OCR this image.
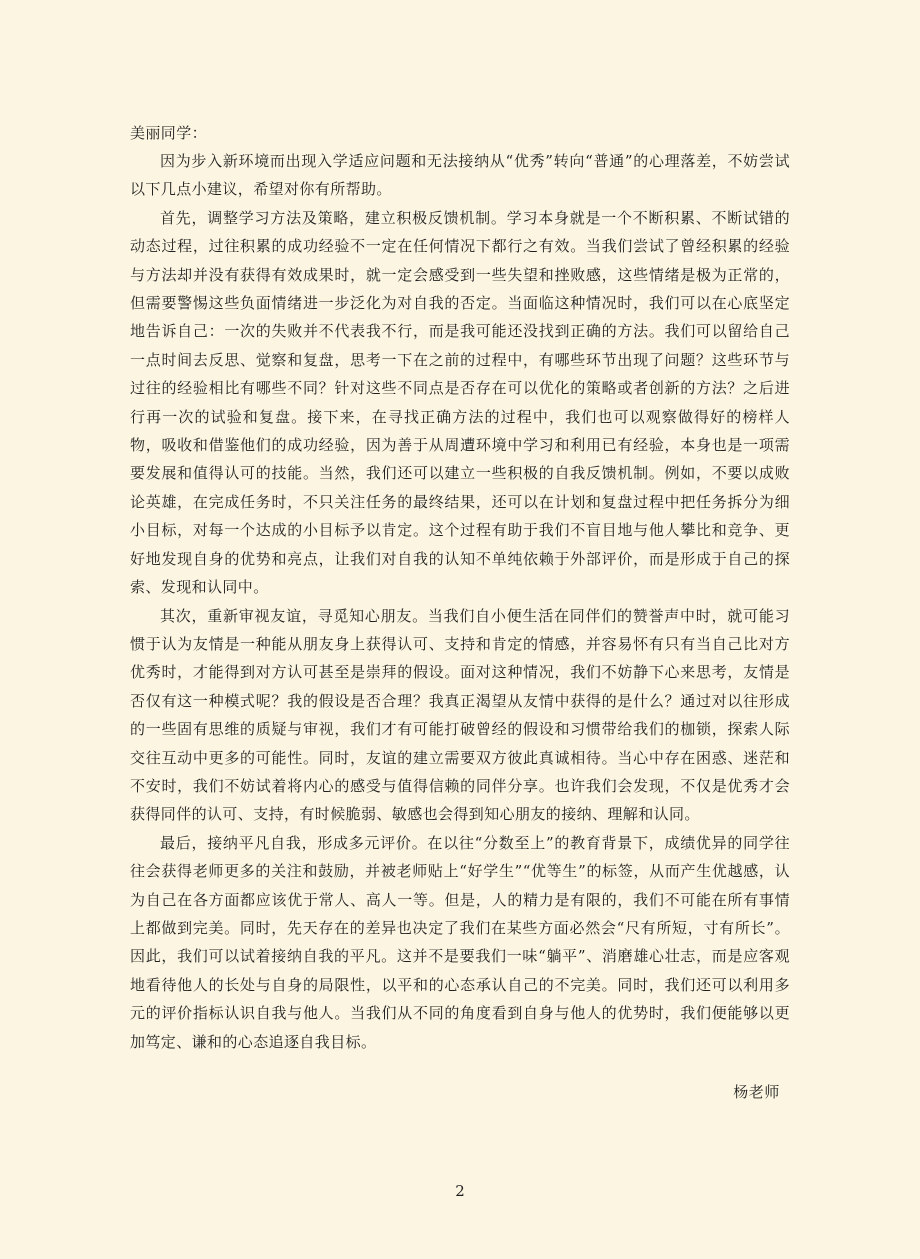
美丽同学：

因为步入新环境而出现入学适应问题和无法接纳从“优秀”转向“普通”的心理落差，不妨尝试以下几点小建议，希望对你有所帮助。

首先，调整学习方法及策略，建立积极反馈机制。学习本身就是一个不断积累、不断试错的动态过程，过往积累的成功经验不一定在任何情况下都行之有效。当我们尝试了曾经积累的经验与方法却并没有获得有效成果时，就一定会感受到一些失望和挫败感，这些情绪是极为正常的，但需要警惕这些负面情绪进一步泛化为对自我的否定。当面临这种情况时，我们可以在心底坚定地告诉自己：一次的失败并不代表我不行，而是我可能还没找到正确的方法。我们可以留给自己一点时间去反思、觉察和复盘，思考一下在之前的过程中，有哪些环节出现了问题？这些环节与过往的经验相比有哪些不同？针对这些不同点是否存在可以优化的策略或者创新的方法？之后进行再一次的试验和复盘。接下来，在寻找正确方法的过程中，我们也可以观察做得好的榜样人物，吸收和借鉴他们的成功经验，因为善于从周遭环境中学习和利用已有经验，本身也是一项需要发展和值得认可的技能。当然，我们还可以建立一些积极的自我反馈机制。例如，不要以成败论英雄，在完成任务时，不只关注任务的最终结果，还可以在计划和复盘过程中把任务拆分为细小目标，对每一个达成的小目标予以肯定。这个过程有助于我们不盲目地与他人攀比和竞争、更好地发现自身的优势和亮点，让我们对自我的认知不单纯依赖于外部评价，而是形成于自己的探索、发现和认同中。

其次，重新审视友谊，寻觅知心朋友。当我们自小便生活在同伴们的赞誉声中时，就可能习惯于认为友情是一种能从朋友身上获得认可、支持和肯定的情感，并容易怀有只有当自己比对方优秀时，才能得到对方认可甚至是崇拜的假设。面对这种情况，我们不妨静下心来思考，友情是否仅有这一种模式呢？我的假设是否合理？我真正渴望从友情中获得的是什么？通过对以往形成的一些固有思维的质疑与审视，我们才有可能打破曾经的假设和习惯带给我们的枷锁，探索人际交往互动中更多的可能性。同时，友谊的建立需要双方彼此真诚相待。当心中存在困惑、迷茫和不安时，我们不妨试着将内心的感受与值得信赖的同伴分享。也许我们会发现，不仅是优秀才会获得同伴的认可、支持，有时候脆弱、敏感也会得到知心朋友的接纳、理解和认同。

最后，接纳平凡自我，形成多元评价。在以往“分数至上”的教育背景下，成绩优异的同学往往会获得老师更多的关注和鼓励，并被老师贴上“好学生”“优等生”的标签，从而产生优越感，认为自己在各方面都应该优于常人、高人一等。但是，人的精力是有限的，我们不可能在所有事情上都做到完美。同时，先天存在的差异也决定了我们在某些方面必然会“尺有所短，寸有所长”。因此，我们可以试着接纳自我的平凡。这并不是要我们一味“躺平”、消磨雄心壮志，而是应客观地看待他人的长处与自身的局限性，以平和的心态承认自己的不完美。同时，我们还可以利用多元的评价指标认识自我与他人。当我们从不同的角度看到自身与他人的优势时，我们便能够以更加笃定、谦和的心态追逐自我目标。

杨老师
2
